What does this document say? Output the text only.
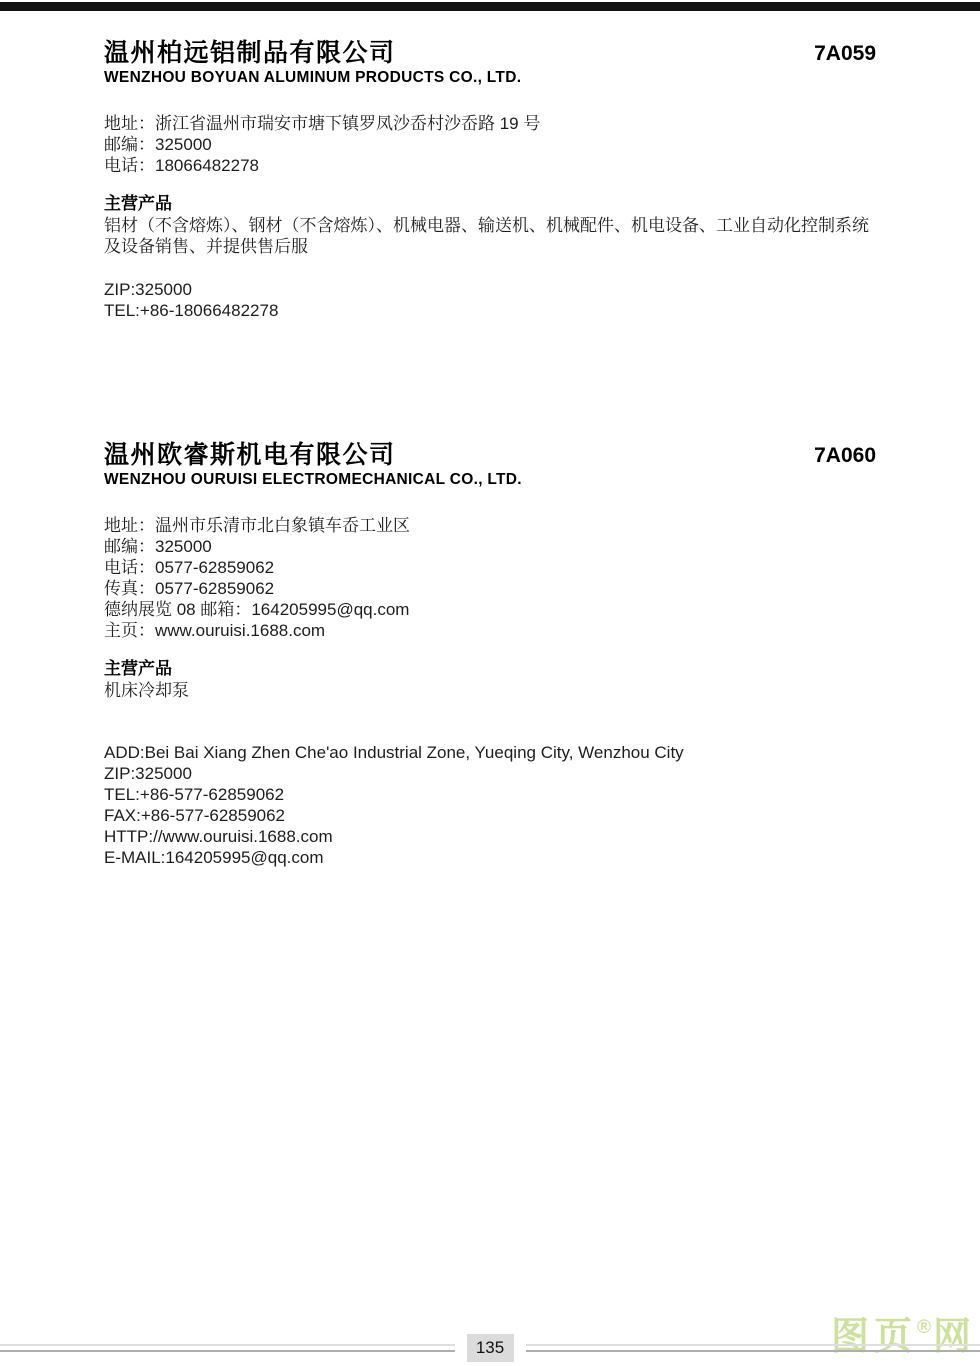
温州柏远铝制品有限公司
WENZHOU BOYUAN ALUMINUM PRODUCTS CO., LTD.
7A059

地址：浙江省温州市瑞安市塘下镇罗凤沙岙村沙岙路 19 号

邮编：325000

电话：18066482278

主营产品

铝材（不含熔炼）、钢材（不含熔炼）、机械电器、输送机、机械配件、机电设备、工业自动化控制系统及设备销售、并提供售后服

ZIP:325000

TEL:+86-18066482278

温州欧睿斯机电有限公司
WENZHOU OURUISI ELECTROMECHANICAL CO., LTD.
7A060

地址：温州市乐清市北白象镇车岙工业区

邮编：325000

电话：0577-62859062

传真：0577-62859062

德纳展览 08 邮箱：164205995@qq.com

主页：www.ouruisi.1688.com

主营产品

机床冷却泵

ADD:Bei Bai Xiang Zhen Che'ao Industrial Zone, Yueqing City, Wenzhou City

ZIP:325000

TEL:+86-577-62859062

FAX:+86-577-62859062

HTTP://www.ouruisi.1688.com

E-MAIL:164205995@qq.com

图页®网
135
